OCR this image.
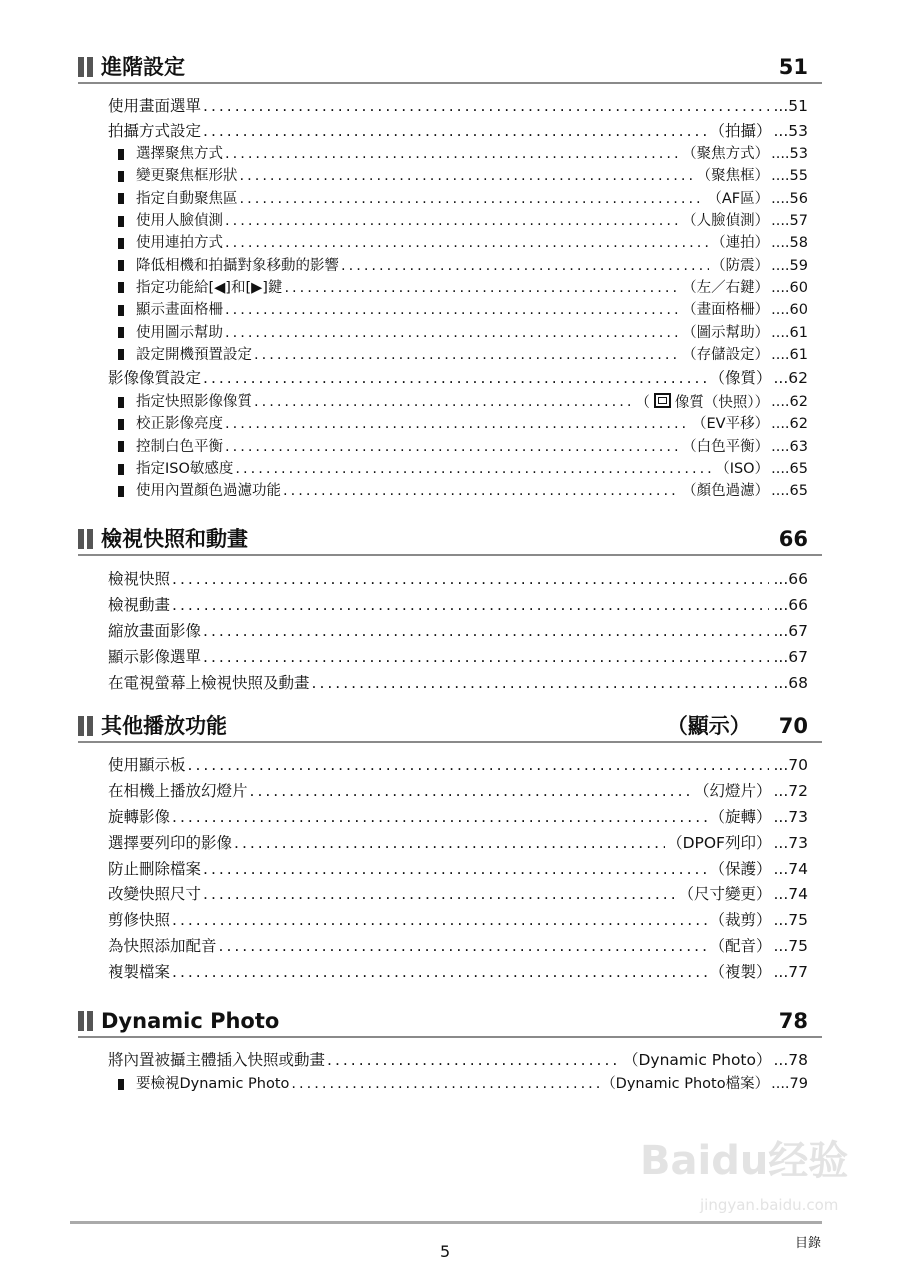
進階設定	51
使用畫面選單 .....	...51
拍攝方式設定 .....	（拍攝） ...53
選擇聚焦方式 .....	（聚焦方式） ....53
變更聚焦框形狀 .....	（聚焦框） ....55
指定自動聚焦區 .....	（AF區） ....56
使用人臉偵測 .....	（人臉偵測） ....57
使用連拍方式 .....	（連拍） ....58
降低相機和拍攝對象移動的影響 .....	（防震） ....59
指定功能給[◀]和[▶]鍵 .....	（左／右鍵） ....60
顯示畫面格柵 .....	（畫面格柵） ....60
使用圖示幫助 .....	（圖示幫助） ....61
設定開機預置設定 .....	（存儲設定） ....61
影像像質設定 .....	（像質） ...62
指定快照影像像質 .....	（ 像質（快照）） ....62
校正影像亮度 .....	（EV平移） ....62
控制白色平衡 .....	（白色平衡） ....63
指定ISO敏感度 .....	（ISO） ....65
使用內置顏色過濾功能 .....	（顏色過濾） ....65
檢視快照和動畫	66
檢視快照 .....	...66
檢視動畫 .....	...66
縮放畫面影像 .....	...67
顯示影像選單 .....	...67
在電視螢幕上檢視快照及動畫 .....	...68
其他播放功能	（顯示） 70
使用顯示板 .....	...70
在相機上播放幻燈片 .....	（幻燈片） ...72
旋轉影像 .....	（旋轉） ...73
選擇要列印的影像 .....	（DPOF列印） ...73
防止刪除檔案 .....	（保護） ...74
改變快照尺寸 .....	（尺寸變更） ...74
剪修快照 .....	（裁剪） ...75
為快照添加配音 .....	（配音） ...75
複製檔案 .....	（複製） ...77
Dynamic Photo	78
將內置被攝主體插入快照或動畫 .....	（Dynamic Photo） ...78
要檢視Dynamic Photo .....	（Dynamic Photo檔案） ....79
Baidu经验
jingyan.baidu.com
5	目錄
